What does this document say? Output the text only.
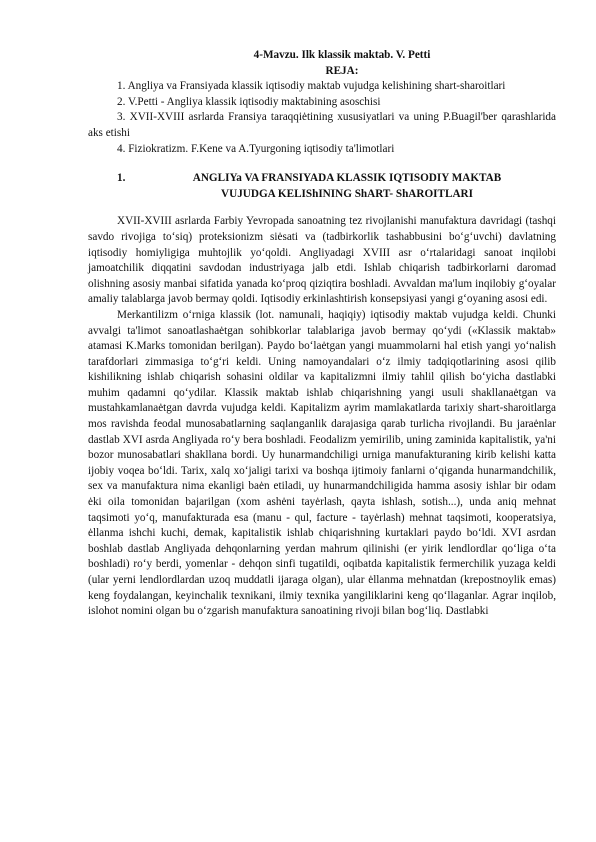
4-Mavzu. Ilk klassik maktab. V. Petti

REJA:

1. Angliya va Fransiyada klassik iqtisodiy maktab vujudga kelishining shart-sharoitlari

2. V.Petti - Angliya klassik iqtisodiy maktabining asoschisi

3. XVII-XVIII asrlarda Fransiya taraqqiėtining xususiyatlari va uning P.Buagil'ber qarashlarida aks etishi

4. Fiziokratizm. F.Kene va A.Tyurgoning iqtisodiy ta'limotlari

1.	ANGLIYa VA FRANSIYADA KLASSIK IQTISODIY MAKTAB
VUJUDGA KELIShINING ShART- ShAROITLARI

XVII-XVIII asrlarda Farbiy Yevropada sanoatning tez rivojlanishi manufaktura davridagi (tashqi savdo rivojiga to‘siq) proteksionizm siėsati va (tadbirkorlik tashabbusini bo‘g‘uvchi) davlatning iqtisodiy homiyligiga muhtojlik yo‘qoldi. Angliyadagi XVIII asr o‘rtalaridagi sanoat inqilobi jamoatchilik diqqatini savdodan industriyaga jalb etdi. Ishlab chiqarish tadbirkorlarni daromad olishning asosiy manbai sifatida yanada ko‘proq qiziqtira boshladi. Avvaldan ma'lum inqilobiy g‘oyalar amaliy talablarga javob bermay qoldi. Iqtisodiy erkinlashtirish konsepsiyasi yangi g‘oyaning asosi edi.

Merkantilizm o‘rniga klassik (lot. namunali, haqiqiy) iqtisodiy maktab vujudga keldi. Chunki avvalgi ta'limot sanoatlashaėtgan sohibkorlar talablariga javob bermay qo‘ydi («Klassik maktab» atamasi K.Marks tomonidan berilgan). Paydo bo‘laėtgan yangi muammolarni hal etish yangi yo‘nalish tarafdorlari zimmasiga to‘g‘ri keldi. Uning namoyandalari o‘z ilmiy tadqiqotlarining asosi qilib kishilikning ishlab chiqarish sohasini oldilar va kapitalizmni ilmiy tahlil qilish bo‘yicha dastlabki muhim qadamni qo‘ydilar. Klassik maktab ishlab chiqarishning yangi usuli shakllanaėtgan va mustahkamlanaėtgan davrda vujudga keldi. Kapitalizm ayrim mamlakatlarda tarixiy shart-sharoitlarga mos ravishda feodal munosabatlarning saqlanganlik darajasiga qarab turlicha rivojlandi. Bu jaraėnlar dastlab XVI asrda Angliyada ro‘y bera boshladi. Feodalizm yemirilib, uning zaminida kapitalistik, ya'ni bozor munosabatlari shakllana bordi. Uy hunarmandchiligi urniga manufakturaning kirib kelishi katta ijobiy voqea bo‘ldi. Tarix, xalq xo‘jaligi tarixi va boshqa ijtimoiy fanlarni o‘qiganda hunarmandchilik, sex va manufaktura nima ekanligi baėn etiladi, uy hunarmandchiligida hamma asosiy ishlar bir odam ėki oila tomonidan bajarilgan (xom ashėni tayėrlash, qayta ishlash, sotish...), unda aniq mehnat taqsimoti yo‘q, manufakturada esa (manu - qul, facture - tayėrlash) mehnat taqsimoti, kooperatsiya, ėllanma ishchi kuchi, demak, kapitalistik ishlab chiqarishning kurtaklari paydo bo‘ldi. XVI asrdan boshlab dastlab Angliyada dehqonlarning yerdan mahrum qilinishi (er yirik lendlordlar qo‘liga o‘ta boshladi) ro‘y berdi, yomenlar - dehqon sinfi tugatildi, oqibatda kapitalistik fermerchilik yuzaga keldi (ular yerni lendlordlardan uzoq muddatli ijaraga olgan), ular ėllanma mehnatdan (krepostnoylik emas) keng foydalangan, keyinchalik texnikani, ilmiy texnika yangiliklarini keng qo‘llaganlar. Agrar inqilob, islohot nomini olgan bu o‘zgarish manufaktura sanoatining rivoji bilan bog‘liq. Dastlabki
